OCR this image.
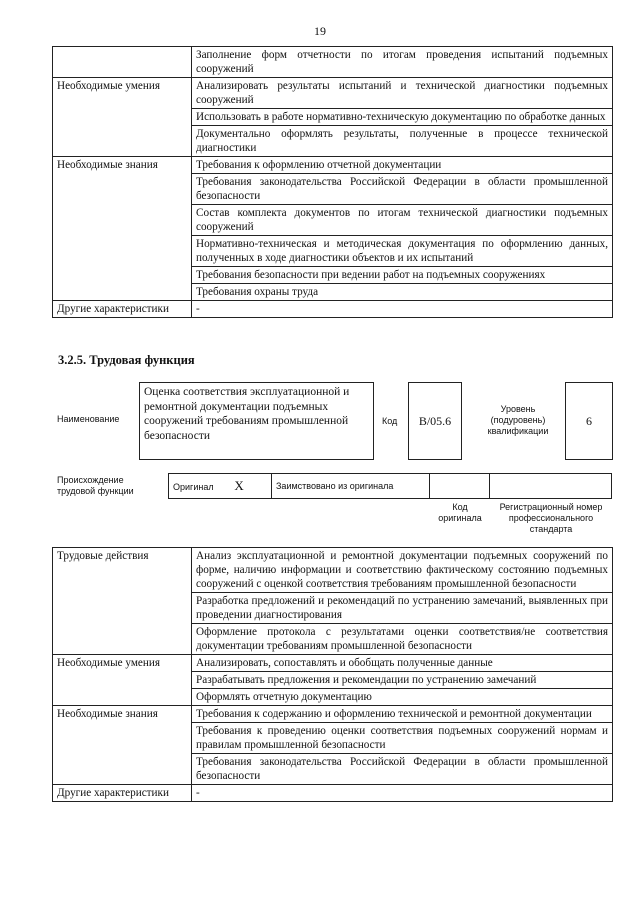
19
	Заполнение форм отчетности по итогам проведения испытаний подъемных сооружений
Необходимые умения	Анализировать результаты испытаний и технической диагностики подъемных сооружений
	Использовать в работе нормативно-техническую документацию по обработке данных
	Документально оформлять результаты, полученные в процессе технической диагностики
Необходимые знания	Требования к оформлению отчетной документации
	Требования законодательства Российской Федерации в области промышленной безопасности
	Состав комплекта документов по итогам технической диагностики подъемных сооружений
	Нормативно-техническая и методическая документация по оформлению данных, полученных в ходе диагностики объектов и их испытаний
	Требования безопасности при ведении работ на подъемных сооружениях
	Требования охраны труда
Другие характеристики	-
3.2.5. Трудовая функция
Наименование
Оценка соответствия эксплуатационной и ремонтной документации подъемных сооружений требованиям промышленной безопасности
Код	В/05.6
Уровень (подуровень) квалификации
6
Происхождение трудовой функции	Оригинал X	Заимствовано из оригинала		
Код оригинала
Регистрационный номер профессионального стандарта
Трудовые действия	Анализ эксплуатационной и ремонтной документации подъемных сооружений по форме, наличию информации и соответствию фактическому состоянию подъемных сооружений с оценкой соответствия требованиям промышленной безопасности
	Разработка предложений и рекомендаций по устранению замечаний, выявленных при проведении диагностирования
	Оформление протокола с результатами оценки соответствия/не соответствия документации требованиям промышленной безопасности
Необходимые умения	Анализировать, сопоставлять и обобщать полученные данные
	Разрабатывать предложения и рекомендации по устранению замечаний
	Оформлять отчетную документацию
Необходимые знания	Требования к содержанию и оформлению технической и ремонтной документации
	Требования к проведению оценки соответствия подъемных сооружений нормам и правилам промышленной безопасности
	Требования законодательства Российской Федерации в области промышленной безопасности
Другие характеристики	-
